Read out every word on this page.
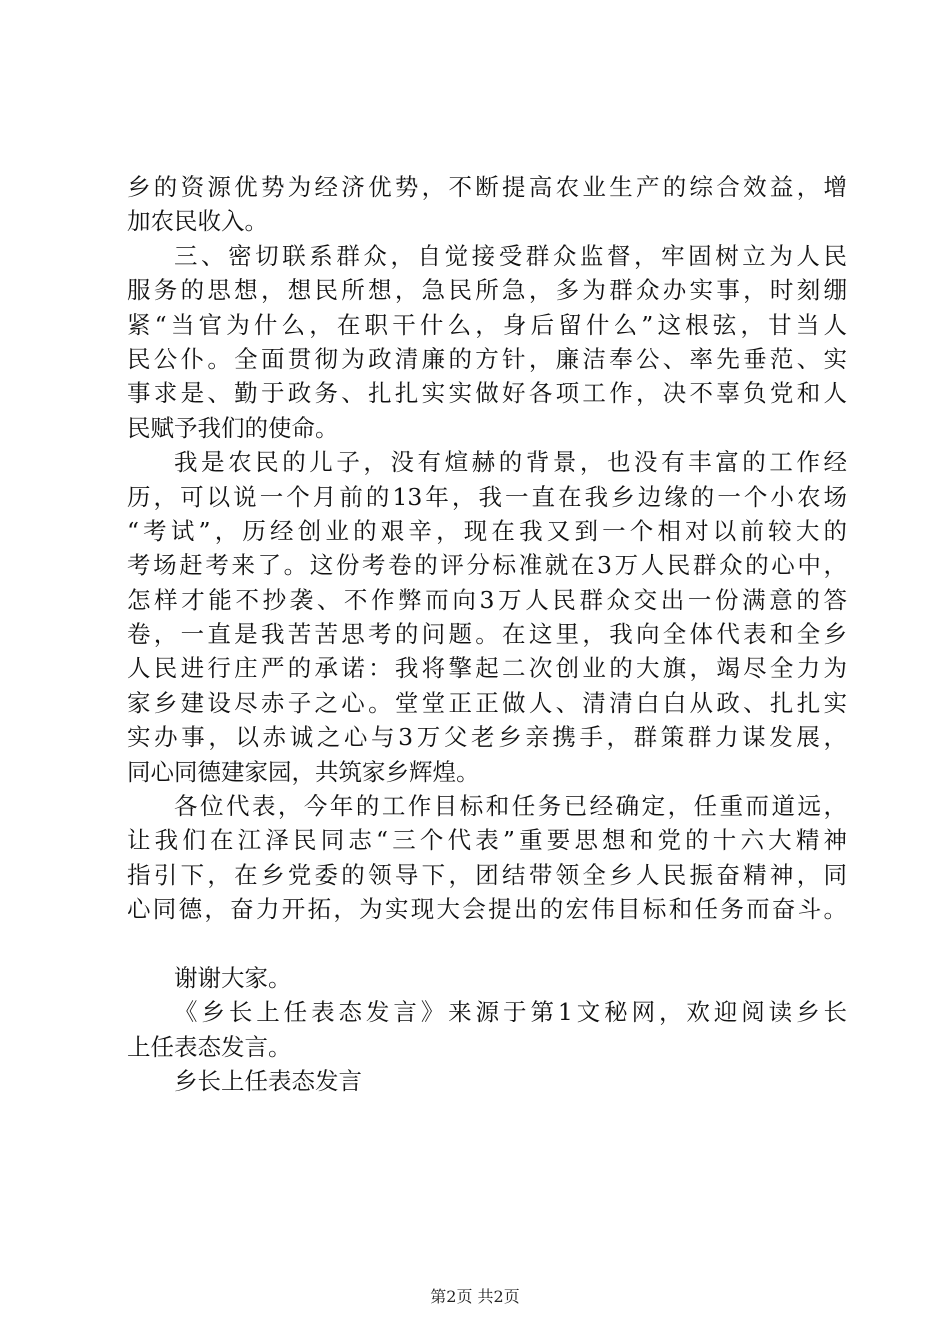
乡的资源优势为经济优势，不断提高农业生产的综合效益，增
加农民收入。
三、密切联系群众，自觉接受群众监督，牢固树立为人民
服务的思想，想民所想，急民所急，多为群众办实事，时刻绷
紧“当官为什么，在职干什么，身后留什么”这根弦，甘当人
民公仆。全面贯彻为政清廉的方针，廉洁奉公、率先垂范、实
事求是、勤于政务、扎扎实实做好各项工作，决不辜负党和人
民赋予我们的使命。
我是农民的儿子，没有煊赫的背景，也没有丰富的工作经
历，可以说一个月前的13年，我一直在我乡边缘的一个小农场
“考试”，历经创业的艰辛，现在我又到一个相对以前较大的
考场赶考来了。这份考卷的评分标准就在3万人民群众的心中，
怎样才能不抄袭、不作弊而向3万人民群众交出一份满意的答
卷，一直是我苦苦思考的问题。在这里，我向全体代表和全乡
人民进行庄严的承诺：我将擎起二次创业的大旗，竭尽全力为
家乡建设尽赤子之心。堂堂正正做人、清清白白从政、扎扎实
实办事，以赤诚之心与3万父老乡亲携手，群策群力谋发展，
同心同德建家园，共筑家乡辉煌。
各位代表，今年的工作目标和任务已经确定，任重而道远，
让我们在江泽民同志“三个代表”重要思想和党的十六大精神
指引下，在乡党委的领导下，团结带领全乡人民振奋精神，同
心同德，奋力开拓，为实现大会提出的宏伟目标和任务而奋斗。
谢谢大家。
《乡长上任表态发言》来源于第1文秘网，欢迎阅读乡长
上任表态发言。
乡长上任表态发言
第2页 共2页
